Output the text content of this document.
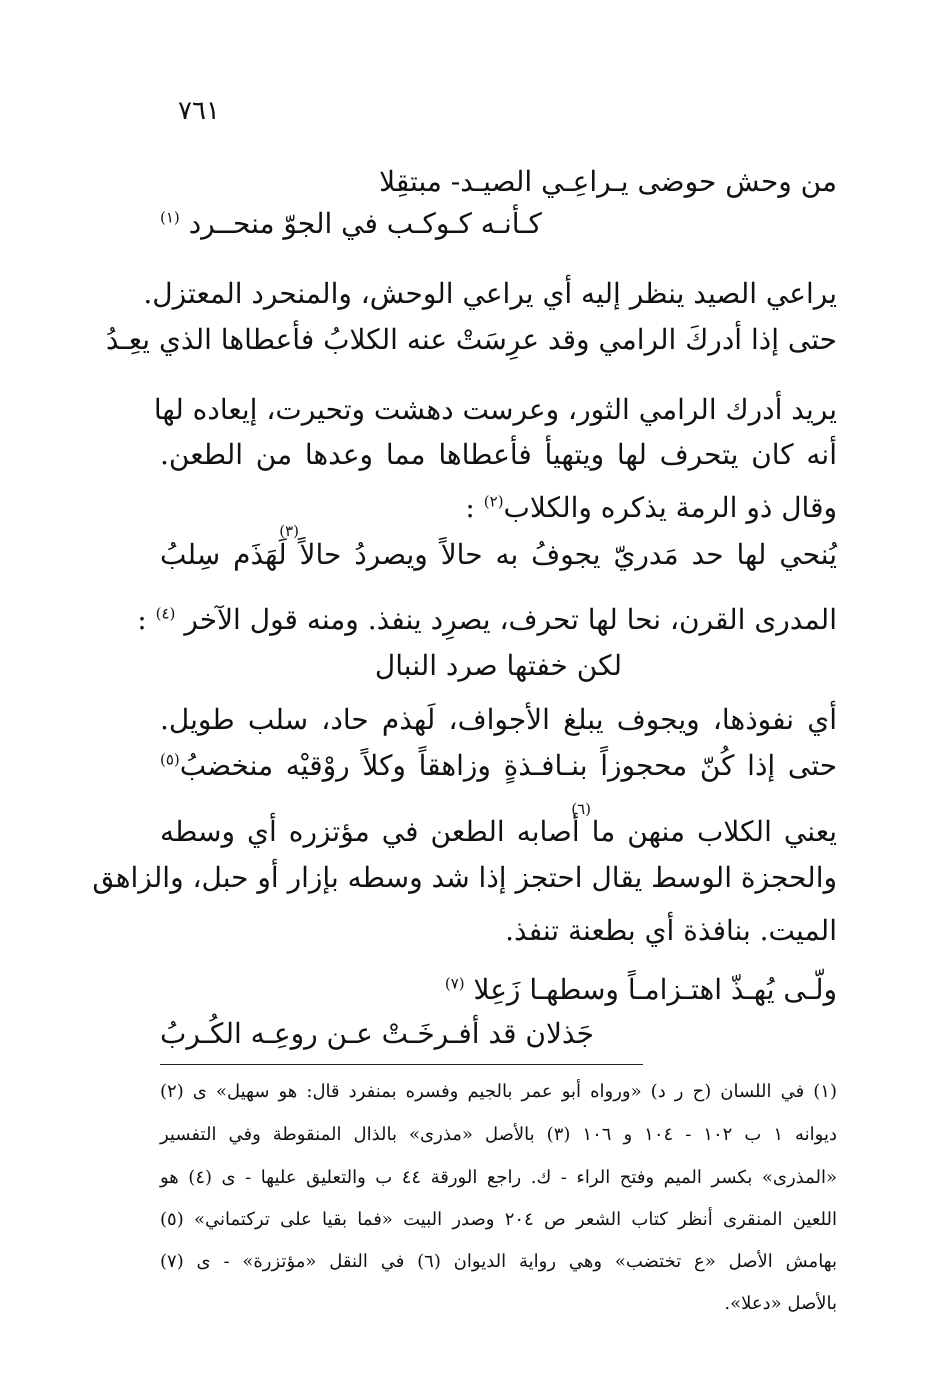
٧٦١
من وحش حوضى يـراعِـي الصيـد- مبتقِلا
كـأنـه كـوكـب في الجوّ منحــرد $^{(١)}$
يراعي الصيد ينظر إليه أي يراعي الوحش، والمنحرد المعتزل.
حتى إذا أدركَ الرامي وقد عرِسَتْ عنه الكلابُ فأعطاها الذي يعِـدُ
يريد أدرك الرامي الثور، وعرست دهشت وتحيرت، إيعاده لها
أنه كان يتحرف لها ويتهيأ فأعطاها مما وعدها من الطعن.
وقال ذو الرمة يذكره والكلاب$^{(٢)}$ :
يُنحي لها حد مَدريّ يجوفُ به حالاً ويصردُ حالاً لَهَذَم سِلبُ
(٣)
المدرى القرن، نحا لها تحرف، يصرِد ينفذ. ومنه قول الآخر $^{(٤)}$ :
لكن خفتها صرد النبال
أي نفوذها، ويجوف يبلغ الأجواف، لَهذم حاد، سلب طويل.
حتى إذا كُنّ محجوزاً بنـافـذةٍ وزاهقاً وكلاً روْقيْه منخضبُ$^{(٥)}$
يعني الكلاب منهن ما أصابه الطعن في مؤتزره أي وسطه
(٦)
والحجزة الوسط يقال احتجز إذا شد وسطه بإزار أو حبل، والزاهق
الميت. بنافذة أي بطعنة تنفذ.
ولّـى يُهـذّ اهتـزامـاً وسطهـا زَعِلا $^{(٧)}$
جَذلان قد أفـرخَـتْ عـن روعِـه الكُـربُ
(١) في اللسان (ح ر د) «ورواه أبو عمر بالجيم وفسره بمنفرد قال: هو سهيل» ى (٢)
ديوانه ١ ب ١٠٢ - ١٠٤ و ١٠٦ (٣) بالأصل «مذرى» بالذال المنقوطة وفي التفسير
«المذرى» بكسر الميم وفتح الراء - ك. راجع الورقة ٤٤ ب والتعليق عليها - ى (٤) هو
اللعين المنقرى أنظر كتاب الشعر ص ٢٠٤ وصدر البيت «فما بقيا على تركتماني» (٥)
بهامش الأصل «ع تختضب» وهي رواية الديوان (٦) في النقل «مؤتزرة» - ى (٧)
بالأصل «دعلا».
